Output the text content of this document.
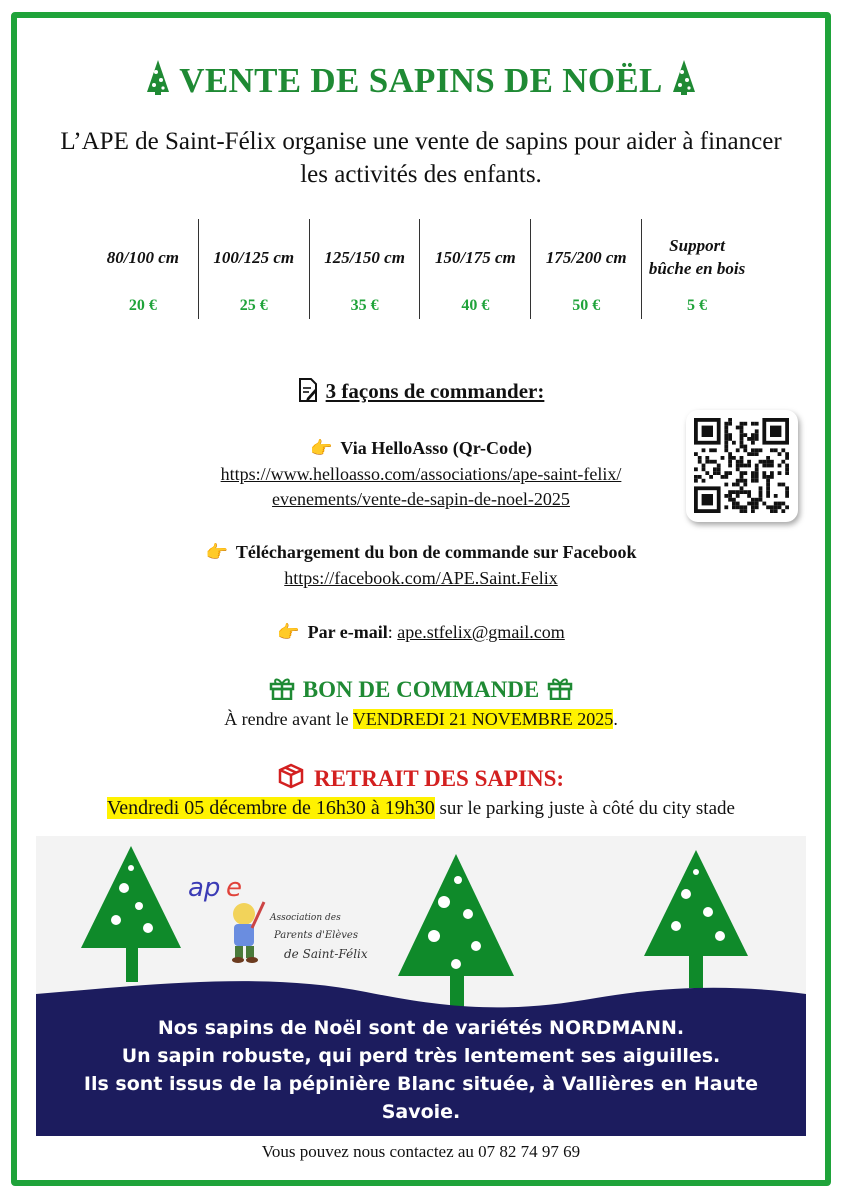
VENTE DE SAPINS DE NOËL
L’APE de Saint-Félix organise une vente de sapins pour aider à financer les activités des enfants.
80/100 cm
20 €
100/125 cm
25 €
125/150 cm
35 €
150/175 cm
40 €
175/200 cm
50 €
Support bûche en bois
5 €
3 façons de commander:
👉 Via HelloAsso (Qr-Code)
https://www.helloasso.com/associations/ape-saint-felix/
evenements/vente-de-sapin-de-noel-2025
👉 Téléchargement du bon de commande sur Facebook
https://facebook.com/APE.Saint.Felix
👉 Par e-mail: ape.stfelix@gmail.com
BON DE COMMANDE
À rendre avant le VENDREDI 21 NOVEMBRE 2025.
RETRAIT DES SAPINS:
Vendredi 05 décembre de 16h30 à 19h30 sur le parking juste à côté du city stade
ap e
Association des
Parents d'Elèves
de Saint-Félix
Nos sapins de Noël sont de variétés NORDMANN.
Un sapin robuste, qui perd très lentement ses aiguilles.
Ils sont issus de la pépinière Blanc située, à Vallières en Haute
Savoie.
Vous pouvez nous contactez au 07 82 74 97 69
